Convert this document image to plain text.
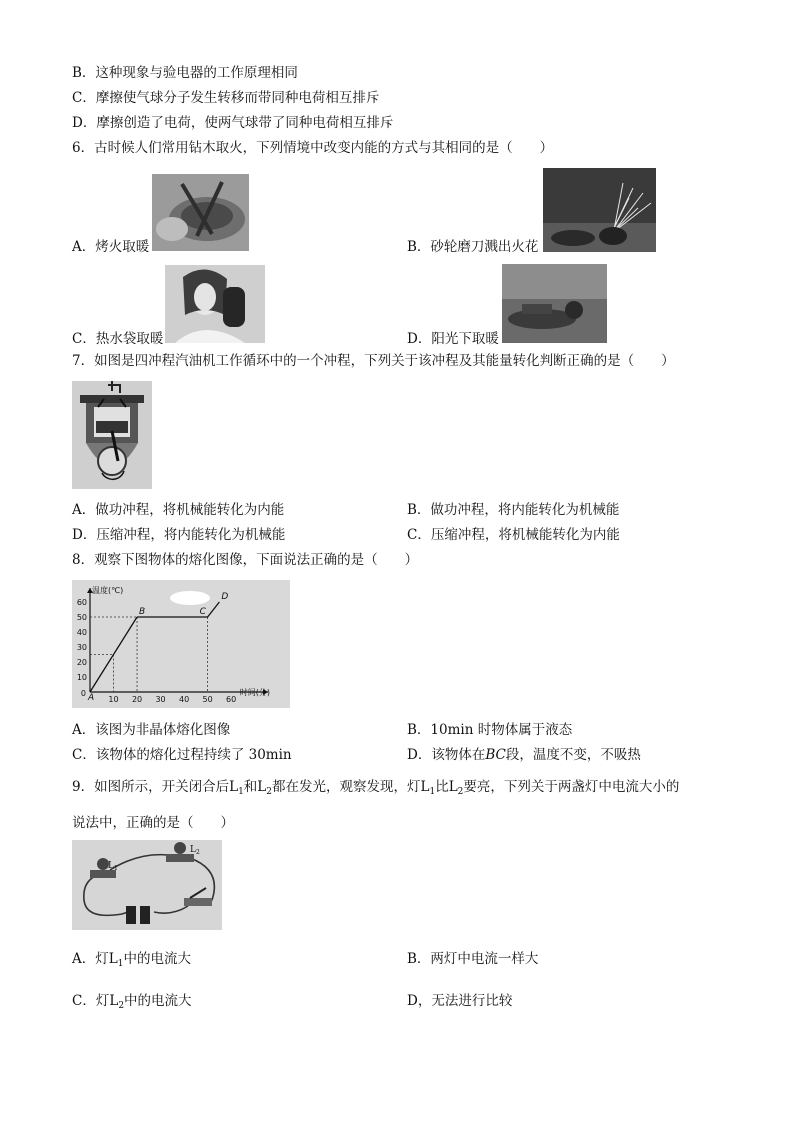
B．这种现象与验电器的工作原理相同
C．摩擦使气球分子发生转移而带同种电荷相互排斥
D．摩擦创造了电荷，使两气球带了同种电荷相互排斥
6．古时候人们常用钻木取火，下列情境中改变内能的方式与其相同的是（　　）
A．烤火取暖	B．砂轮磨刀溅出火花
C．热水袋取暖	D．阳光下取暖
7．如图是四冲程汽油机工作循环中的一个冲程，下列关于该冲程及其能量转化判断正确的是（　　）
A．做功冲程，将机械能转化为内能	B．做功冲程，将内能转化为机械能
D．压缩冲程，将内能转化为机械能	C．压缩冲程，将机械能转化为内能
8．观察下图物体的熔化图像，下面说法正确的是（　　）
10 20 30 40 50 60
10
20
30
40
50
60
0
温度(℃)
时间(分)
A
B	C
D
A．该图为非晶体熔化图像	B．10min 时物体属于液态
C．该物体的熔化过程持续了 30min	D．该物体在BC段，温度不变，不吸热
9．如图所示，开关闭合后$L_1$和$L_2$都在发光，观察发现，灯$L_1$比$L_2$要亮，下列关于两盏灯中电流大小的
说法中，正确的是（　　）
$L_1$
$L_2$
A．灯$L_1$中的电流大	B．两灯中电流一样大
C．灯$L_2$中的电流大	D，无法进行比较
